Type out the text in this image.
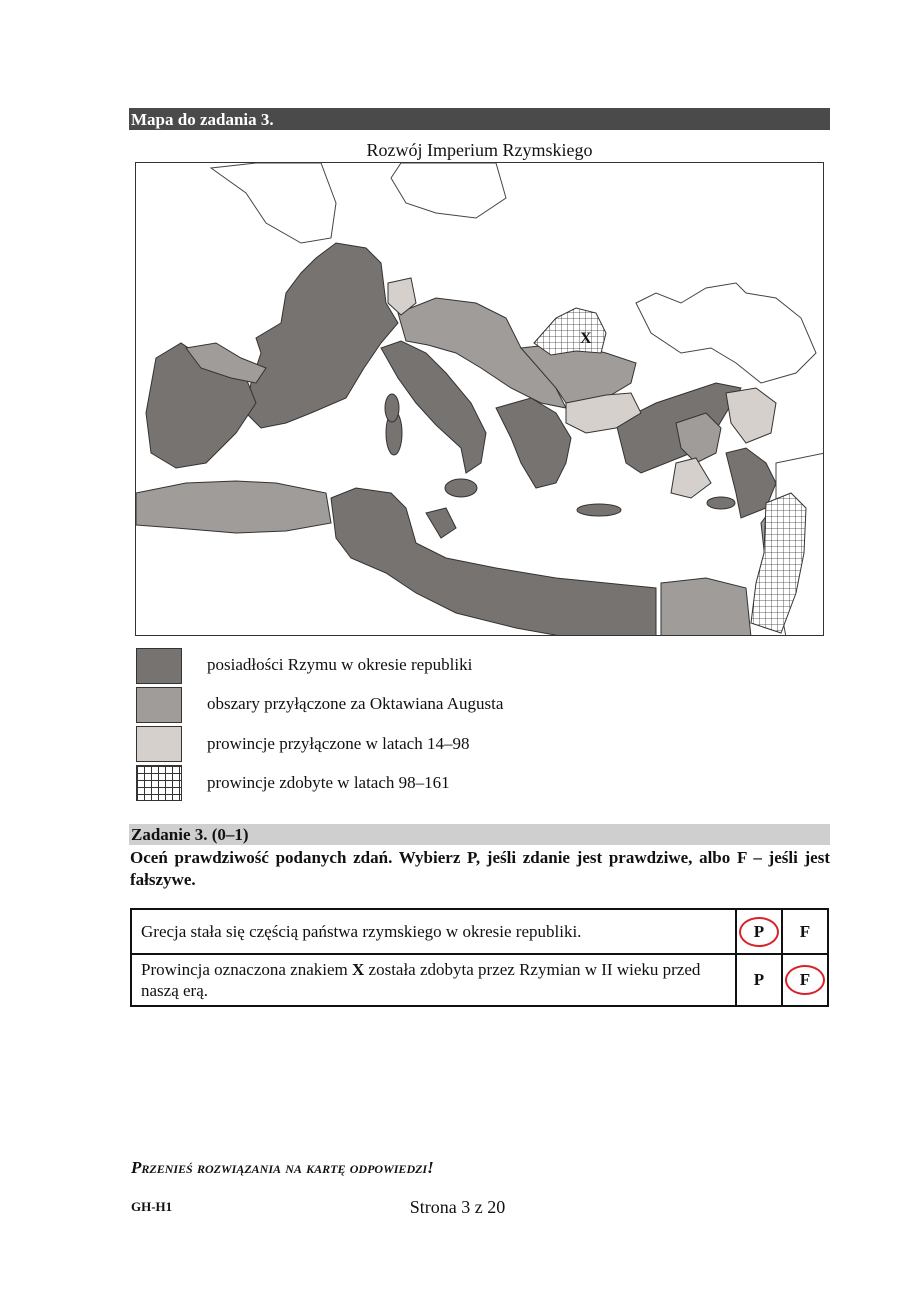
Mapa do zadania 3.
Rozwój Imperium Rzymskiego
X
posiadłości Rzymu w okresie republiki
obszary przyłączone za Oktawiana Augusta
prowincje przyłączone w latach 14–98
prowincje zdobyte w latach 98–161
Zadanie 3. (0–1)
Oceń prawdziwość podanych zdań. Wybierz P, jeśli zdanie jest prawdziwe, albo F – jeśli jest fałszywe.
Grecja stała się częścią państwa rzymskiego w okresie republiki.	P	F
Prowincja oznaczona znakiem X została zdobyta przez Rzymian w II wieku przed naszą erą.	P	F
Przenieś rozwiązania na kartę odpowiedzi!
GH-H1	Strona 3 z 20
